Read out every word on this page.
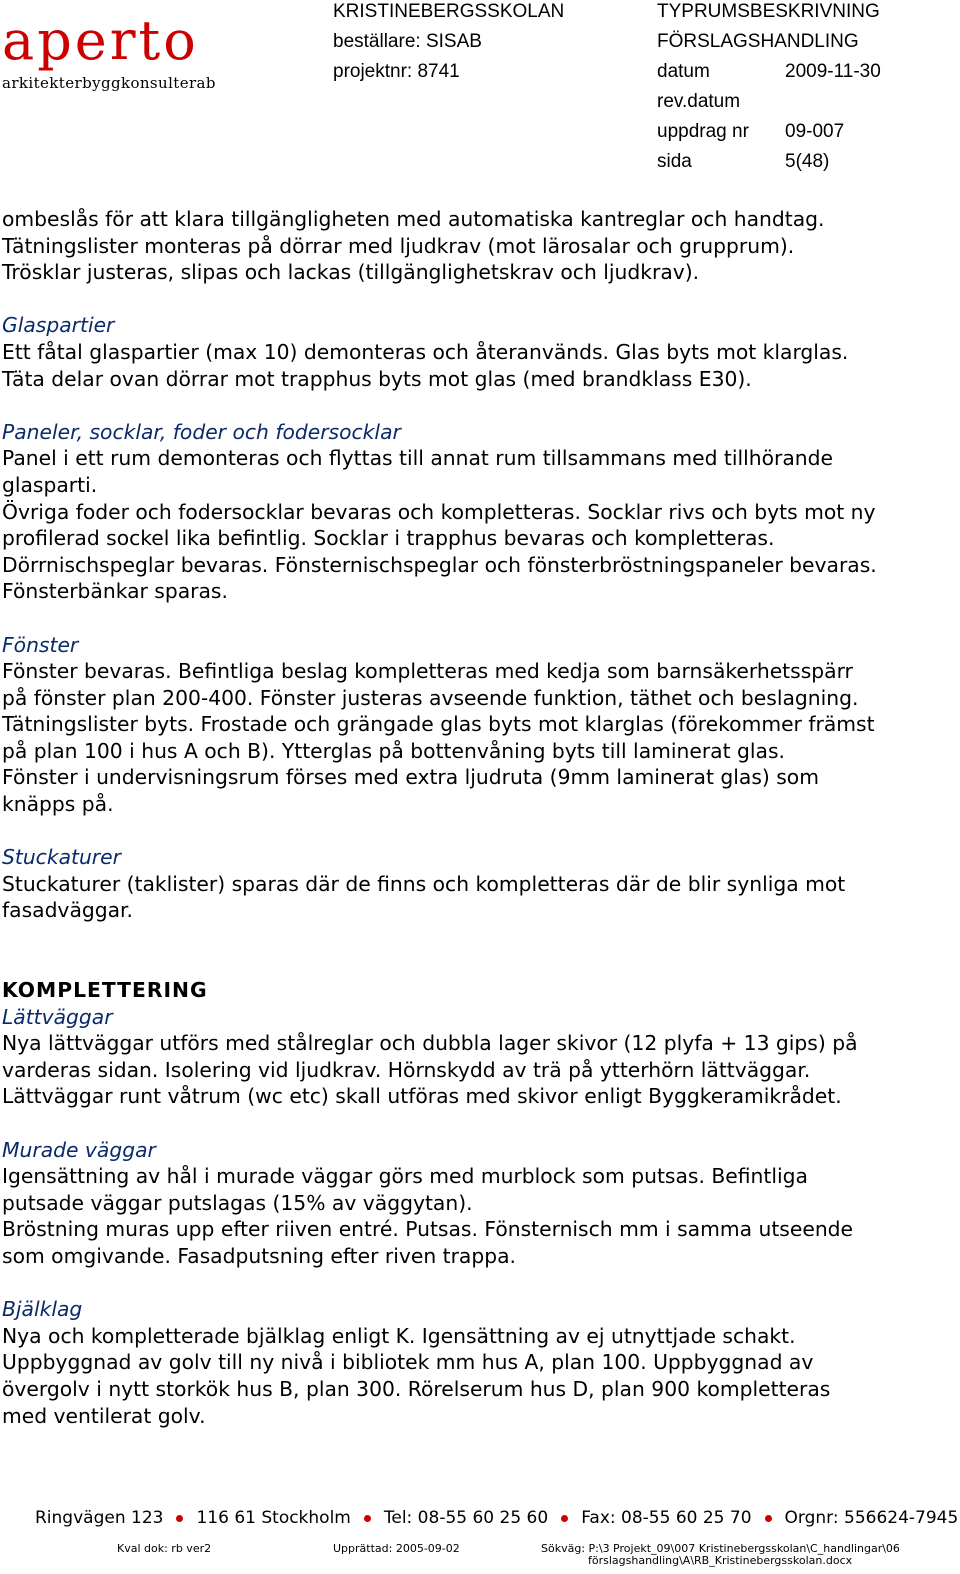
aperto
arkitekterbyggkonsulterab
KRISTINEBERGSSKOLAN
beställare: SISAB
projektnr: 8741
TYPRUMSBESKRIVNING
FÖRSLAGSHANDLING
datum	2009-11-30
rev.datum
uppdrag nr 09-007
sida	5(48)

ombeslås för att klara tillgängligheten med automatiska kantreglar och handtag.

Tätningslister monteras på dörrar med ljudkrav (mot lärosalar och grupprum).

Trösklar justeras, slipas och lackas (tillgänglighetskrav och ljudkrav).

Glaspartier

Ett fåtal glaspartier (max 10) demonteras och återanvänds. Glas byts mot klarglas.

Täta delar ovan dörrar mot trapphus byts mot glas (med brandklass E30).

Paneler, socklar, foder och fodersocklar

Panel i ett rum demonteras och flyttas till annat rum tillsammans med tillhörande

glasparti.

Övriga foder och fodersocklar bevaras och kompletteras. Socklar rivs och byts mot ny

profilerad sockel lika befintlig. Socklar i trapphus bevaras och kompletteras.

Dörrnischspeglar bevaras. Fönsternischspeglar och fönsterbröstningspaneler bevaras.

Fönsterbänkar sparas.

Fönster

Fönster bevaras. Befintliga beslag kompletteras med kedja som barnsäkerhetsspärr

på fönster plan 200-400. Fönster justeras avseende funktion, täthet och beslagning.

Tätningslister byts. Frostade och grängade glas byts mot klarglas (förekommer främst

på plan 100 i hus A och B). Ytterglas på bottenvåning byts till laminerat glas.

Fönster i undervisningsrum förses med extra ljudruta (9mm laminerat glas) som

knäpps på.

Stuckaturer

Stuckaturer (taklister) sparas där de finns och kompletteras där de blir synliga mot

fasadväggar.

KOMPLETTERING

Lättväggar

Nya lättväggar utförs med stålreglar och dubbla lager skivor (12 plyfa + 13 gips) på

varderas sidan. Isolering vid ljudkrav. Hörnskydd av trä på ytterhörn lättväggar.

Lättväggar runt våtrum (wc etc) skall utföras med skivor enligt Byggkeramikrådet.

Murade väggar

Igensättning av hål i murade väggar görs med murblock som putsas. Befintliga

putsade väggar putslagas (15% av väggytan).

Bröstning muras upp efter riiven entré. Putsas. Fönsternisch mm i samma utseende

som omgivande. Fasadputsning efter riven trappa.

Bjälklag

Nya och kompletterade bjälklag enligt K. Igensättning av ej utnyttjade schakt.

Uppbyggnad av golv till ny nivå i bibliotek mm hus A, plan 100. Uppbyggnad av

övergolv i nytt storkök hus B, plan 300. Rörelserum hus D, plan 900 kompletteras

med ventilerat golv.

Ringvägen 123 116 61 Stockholm Tel: 08-55 60 25 60 Fax: 08-55 60 25 70 Orgnr: 556624-7945
Kval dok: rb ver2	Upprättad: 2005-09-02	Sökväg: P:\3 Projekt_09\007 Kristinebergsskolan\C_handlingar\06
förslagshandling\A\RB_Kristinebergsskolan.docx
